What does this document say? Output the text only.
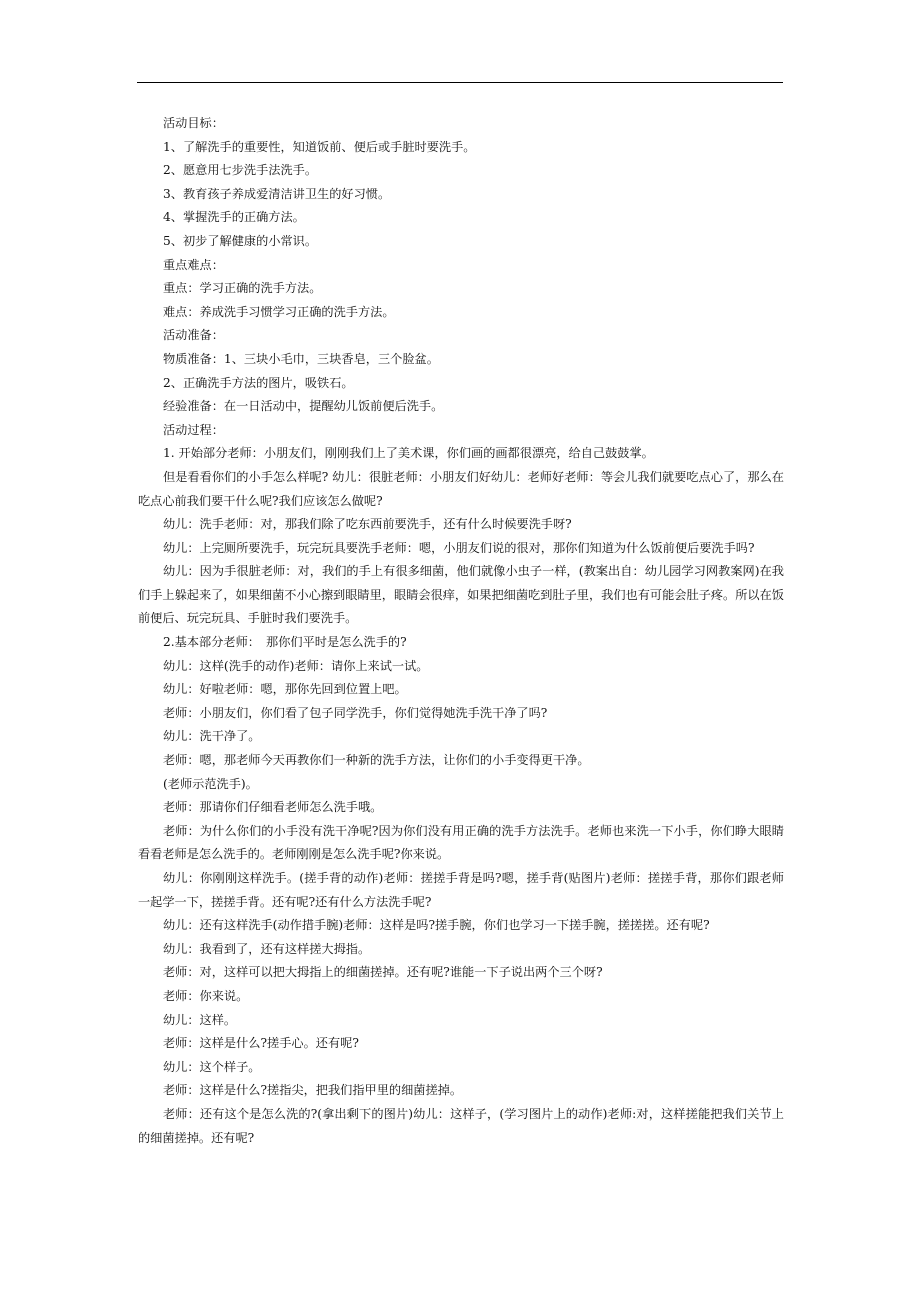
活动目标：

1、了解洗手的重要性，知道饭前、便后或手脏时要洗手。

2、愿意用七步洗手法洗手。

3、教育孩子养成爱清洁讲卫生的好习惯。

4、掌握洗手的正确方法。

5、初步了解健康的小常识。

重点难点：

重点：学习正确的洗手方法。

难点：养成洗手习惯学习正确的洗手方法。

活动准备：

物质准备：1、三块小毛巾，三块香皂，三个脸盆。

2、正确洗手方法的图片，吸铁石。

经验准备：在一日活动中，提醒幼儿饭前便后洗手。

活动过程：

1. 开始部分老师：小朋友们，刚刚我们上了美术课，你们画的画都很漂亮，给自己鼓鼓掌。

但是看看你们的小手怎么样呢? 幼儿：很脏老师：小朋友们好幼儿：老师好老师：等会儿我们就要吃点心了，那么在吃点心前我们要干什么呢?我们应该怎么做呢?

幼儿：洗手老师：对，那我们除了吃东西前要洗手，还有什么时候要洗手呀?

幼儿：上完厕所要洗手，玩完玩具要洗手老师：嗯，小朋友们说的很对，那你们知道为什么饭前便后要洗手吗?

幼儿：因为手很脏老师：对，我们的手上有很多细菌，他们就像小虫子一样，(教案出自：幼儿园学习网教案网)在我们手上躲起来了，如果细菌不小心擦到眼睛里，眼睛会很痒，如果把细菌吃到肚子里，我们也有可能会肚子疼。所以在饭前便后、玩完玩具、手脏时我们要洗手。

2.基本部分老师：　那你们平时是怎么洗手的?

幼儿：这样(洗手的动作)老师：请你上来试一试。

幼儿：好啦老师：嗯，那你先回到位置上吧。

老师：小朋友们，你们看了包子同学洗手，你们觉得她洗手洗干净了吗?

幼儿：洗干净了。

老师：嗯，那老师今天再教你们一种新的洗手方法，让你们的小手变得更干净。

(老师示范洗手)。

老师：那请你们仔细看老师怎么洗手哦。

老师：为什么你们的小手没有洗干净呢?因为你们没有用正确的洗手方法洗手。老师也来洗一下小手，你们睁大眼睛看看老师是怎么洗手的。老师刚刚是怎么洗手呢?你来说。

幼儿：你刚刚这样洗手。(搓手背的动作)老师：搓搓手背是吗?嗯，搓手背(贴图片)老师：搓搓手背，那你们跟老师一起学一下，搓搓手背。还有呢?还有什么方法洗手呢?

幼儿：还有这样洗手(动作措手腕)老师：这样是吗?搓手腕，你们也学习一下搓手腕，搓搓搓。还有呢?

幼儿：我看到了，还有这样搓大拇指。

老师：对，这样可以把大拇指上的细菌搓掉。还有呢?谁能一下子说出两个三个呀?

老师：你来说。

幼儿：这样。

老师：这样是什么?搓手心。还有呢?

幼儿：这个样子。

老师：这样是什么?搓指尖，把我们指甲里的细菌搓掉。

老师：还有这个是怎么洗的?(拿出剩下的图片)幼儿：这样子，(学习图片上的动作)老师:对，这样搓能把我们关节上的细菌搓掉。还有呢?
